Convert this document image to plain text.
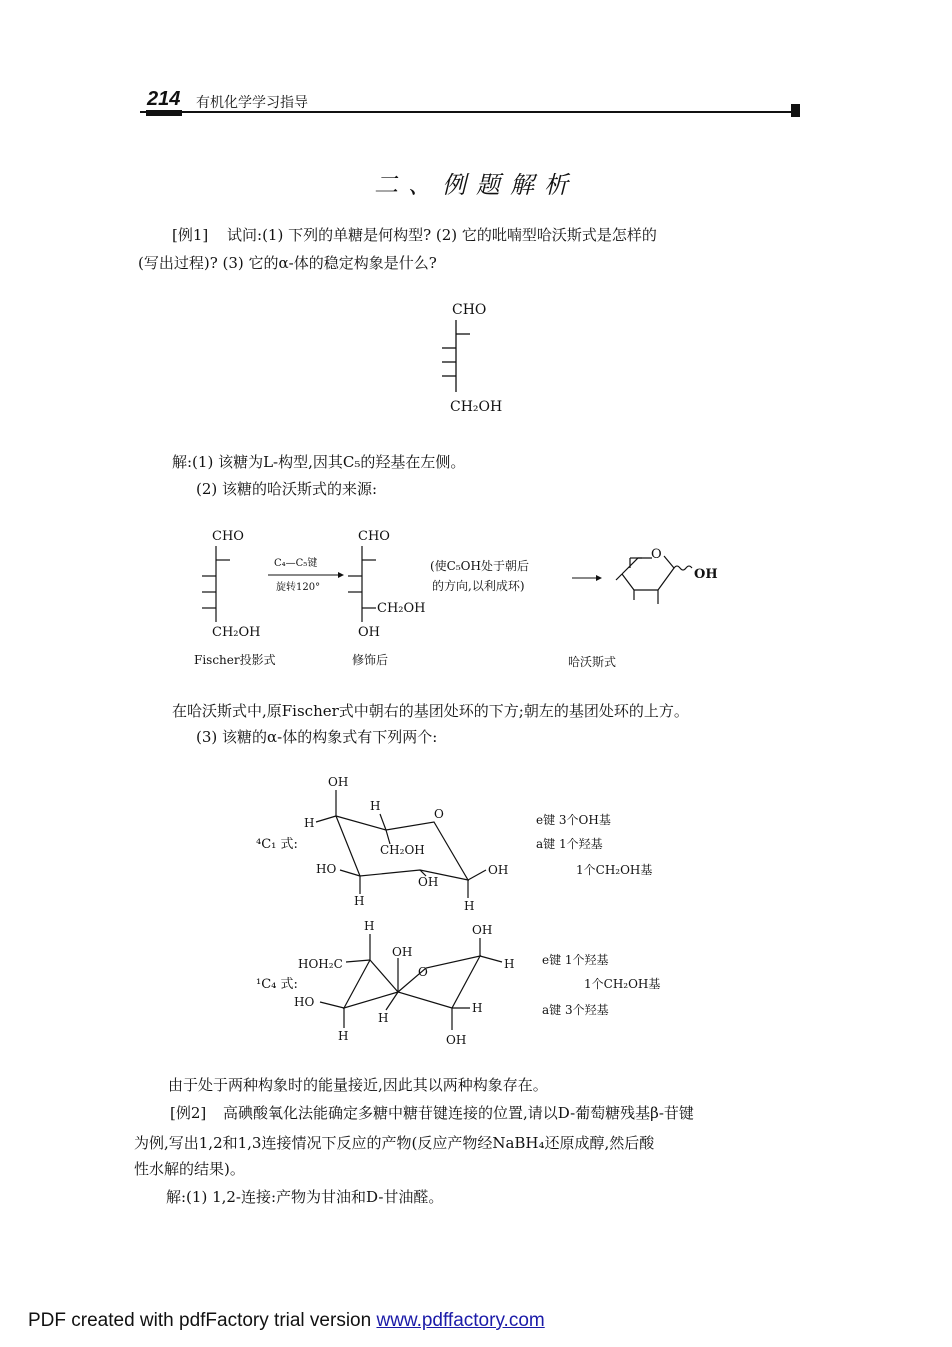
214 有机化学学习指导
二、例题解析
[例1] 试问:(1) 下列的单糖是何构型? (2) 它的吡喃型哈沃斯式是怎样的
(写出过程)? (3) 它的α-体的稳定构象是什么?
CHO
CH₂OH
解:(1) 该糖为L-构型,因其C₅的羟基在左侧。
(2) 该糖的哈沃斯式的来源:
CHO
CH₂OH
C₄—C₅键
旋转120°
CHO
CH₂OH
OH
(使C₅OH处于朝后
的方向,以利成环)
O
OH
Fischer投影式	修饰后	哈沃斯式
在哈沃斯式中,原Fischer式中朝右的基团处环的下方;朝左的基团处环的上方。
(3) 该糖的α-体的构象式有下列两个:
⁴C₁ 式:
OH
H
H
O
CH₂OH
HO
OH
OH
H	H
e键 3个OH基
a键 1个羟基
1个CH₂OH基
¹C₄ 式:
H	OH
HOH₂C
OH
O
H
HO
H
H
H	OH
e键 1个羟基
1个CH₂OH基
a键 3个羟基
由于处于两种构象时的能量接近,因此其以两种构象存在。
[例2] 高碘酸氧化法能确定多糖中糖苷键连接的位置,请以D-葡萄糖残基β-苷键
为例,写出1,2和1,3连接情况下反应的产物(反应产物经NaBH₄还原成醇,然后酸
性水解的结果)。
解:(1) 1,2-连接:产物为甘油和D-甘油醛。
PDF created with pdfFactory trial version www.pdffactory.com
